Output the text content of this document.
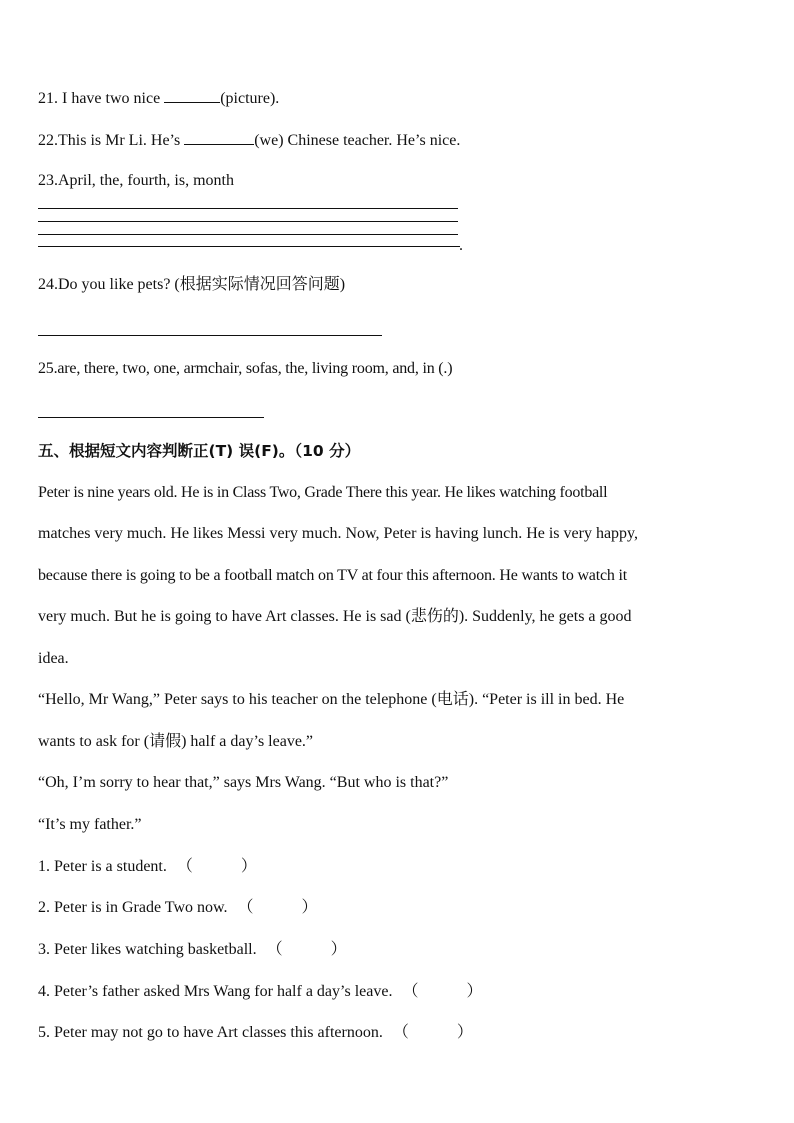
21. I have two nice	(picture).
22.This is Mr Li. He’s	(we) Chinese teacher. He’s nice.
23.April, the, fourth, is, month
.
24.Do you like pets? (根据实际情况回答问题)
25.are, there, two, one, armchair, sofas, the, living room, and, in (.)
五、根据短文内容判断正(T) 误(F)。（10 分）
Peter is nine years old. He is in Class Two, Grade There this year. He likes watching football
matches very much. He likes Messi very much. Now, Peter is having lunch. He is very happy,
because there is going to be a football match on TV at four this afternoon. He wants to watch it
very much. But he is going to have Art classes. He is sad (悲伤的). Suddenly, he gets a good
idea.
“Hello, Mr Wang,” Peter says to his teacher on the telephone (电话). “Peter is ill in bed. He
wants to ask for (请假) half a day’s leave.”
“Oh, I’m sorry to hear that,” says Mrs Wang. “But who is that?”
“It’s my father.”
1. Peter is a student. （　　　）
2. Peter is in Grade Two now. （　　　）
3. Peter likes watching basketball. （　　　）
4. Peter’s father asked Mrs Wang for half a day’s leave. （　　　）
5. Peter may not go to have Art classes this afternoon. （　　　）
